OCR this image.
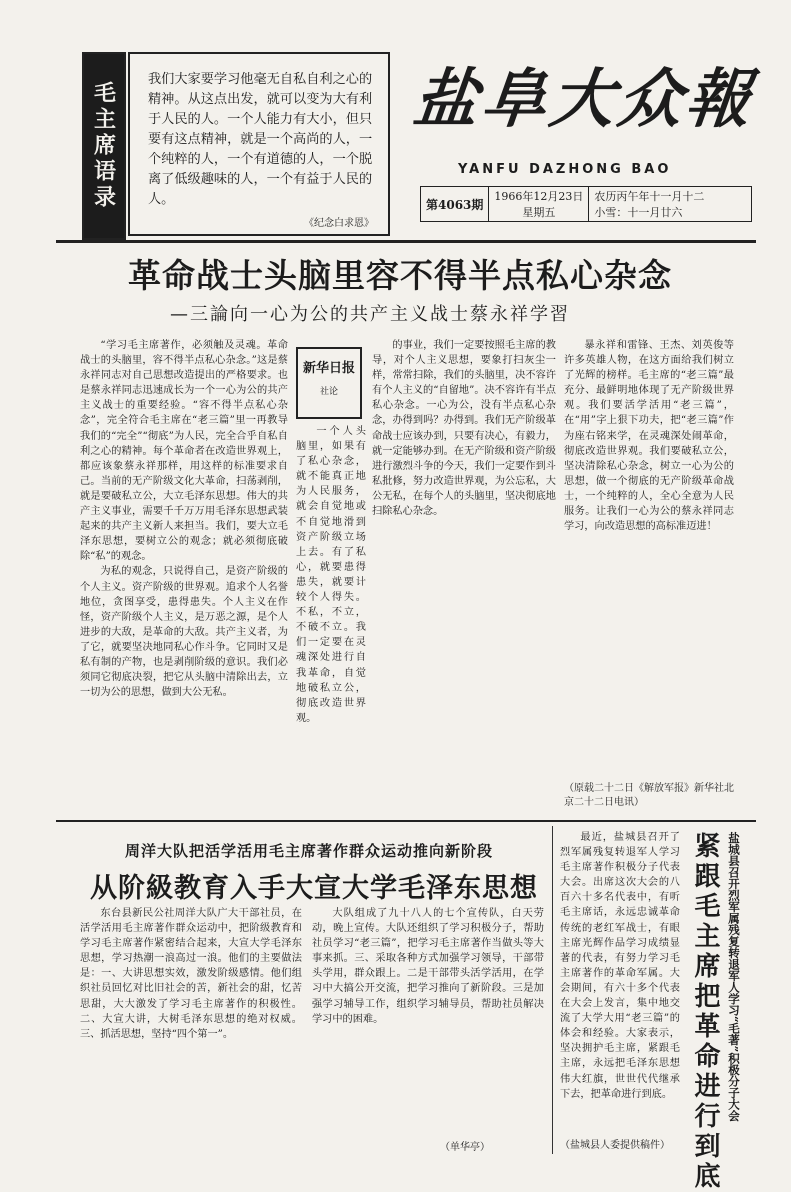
毛主席语录
我们大家要学习他毫无自私自利之心的精神。从这点出发，就可以变为大有利于人民的人。一个人能力有大小，但只要有这点精神，就是一个高尚的人，一个纯粹的人，一个有道德的人，一个脱离了低级趣味的人，一个有益于人民的人。
《纪念白求恩》
盐阜大众報
YANFU DAZHONG BAO
第4063期
1966年12月23日
星期五
农历丙午年十一月十二
小雪：十一月廿六
革命战士头脑里容不得半点私心杂念
—三論向一心为公的共产主义战士蔡永祥学習

“学习毛主席著作，必须触及灵魂。革命战士的头脑里，容不得半点私心杂念。”这是蔡永祥同志对自己思想改造提出的严格要求。也是蔡永祥同志迅速成长为一个一心为公的共产主义战士的重要经验。“容不得半点私心杂念”，完全符合毛主席在“老三篇”里一再教导我们的“完全”“彻底”为人民，完全合乎自私自利之心的精神。每个革命者在改造世界观上，都应该象蔡永祥那样，用这样的标准要求自己。当前的无产阶级文化大革命，扫荡剥削，就是要破私立公，大立毛泽东思想。伟大的共产主义事业，需要千千万万用毛泽东思想武装起来的共产主义新人来担当。我们，要大立毛泽东思想，要树立公的观念；就必须彻底破除“私”的观念。

为私的观念，只说得自己，是资产阶级的个人主义。资产阶级的世界观。追求个人名誉地位，贪图享受，患得患失。个人主义在作怪，资产阶级个人主义，是万恶之源，是个人进步的大敌，是革命的大敌。共产主义者，为了它，就要坚决地同私心作斗争。它同时又是私有制的产物，也是剥削阶级的意识。我们必须同它彻底决裂，把它从头脑中清除出去，立一切为公的思想，做到大公无私。

新华日报
社论

一个人头脑里，如果有了私心杂念，就不能真正地为人民服务，就会自觉地或不自觉地滑到资产阶级立场上去。有了私心，就要患得患失，就要计较个人得失。不私，不立，不破不立。我们一定要在灵魂深处进行自我革命，自觉地破私立公，彻底改造世界观。

的事业，我们一定要按照毛主席的教导，对个人主义思想，要象打扫灰尘一样，常常扫除，我们的头脑里，决不容许有个人主义的“自留地”。决不容许有半点私心杂念。一心为公，没有半点私心杂念，办得到吗？办得到。我们无产阶级革命战士应该办到，只要有决心，有毅力，就一定能够办到。在无产阶级和资产阶级进行激烈斗争的今天，我们一定要作到斗私批修，努力改造世界观，为公忘私，大公无私，在每个人的头脑里，坚决彻底地扫除私心杂念。

暴永祥和雷锋、王杰、刘英俊等许多英雄人物，在这方面给我们树立了光辉的榜样。毛主席的“老三篇”最充分、最鲜明地体现了无产阶级世界观。我们要活学活用“老三篇”，在“用”字上狠下功夫，把“老三篇”作为座右铭来学，在灵魂深处闹革命，彻底改造世界观。我们要破私立公，坚决清除私心杂念，树立一心为公的思想，做一个彻底的无产阶级革命战士，一个纯粹的人，全心全意为人民服务。让我们一心为公的蔡永祥同志学习，向改造思想的高标准迈进！

（原载二十二日《解放军报》新华社北京二十二日电讯）
周洋大队把活学活用毛主席著作群众运动推向新阶段
从阶級教育入手大宣大学毛泽东思想

东台县新民公社周洋大队广大干部社员，在活学活用毛主席著作群众运动中，把阶级教育和学习毛主席著作紧密结合起来，大宣大学毛泽东思想，学习热潮一浪高过一浪。他们的主要做法是：一、大讲思想实效，激发阶级感情。他们组织社员回忆对比旧社会的苦，新社会的甜，忆苦思甜，大大激发了学习毛主席著作的积极性。二、大宣大讲，大树毛泽东思想的绝对权威。三、抓活思想，坚持“四个第一”。

大队组成了九十八人的七个宣传队，白天劳动，晚上宣传。大队还组织了学习积极分子，帮助社员学习“老三篇”，把学习毛主席著作当做头等大事来抓。三、采取各种方式加强学习领导，干部带头学用，群众跟上。二是干部带头活学活用，在学习中大搞公开交流，把学习推向了新阶段。三是加强学习辅导工作，组织学习辅导员，帮助社员解决学习中的困难。

（单华亭）

最近，盐城县召开了烈军属残复转退军人学习毛主席著作积极分子代表大会。出席这次大会的八百六十多名代表中，有听毛主席话，永远忠诚革命传统的老红军战士，有眼主席光辉作品学习成绩显著的代表，有努力学习毛主席著作的革命军属。大会期间，有六十多个代表在大会上发言，集中地交流了大学大用“老三篇”的体会和经验。大家表示，坚决拥护毛主席，紧跟毛主席，永远把毛泽东思想伟大红旗，世世代代继承下去，把革命进行到底。

（盐城县人委提供稿件）
盐城县召开烈军属残复转退军人学习“毛著”积极分子大会
紧跟毛主席把革命进行到底
